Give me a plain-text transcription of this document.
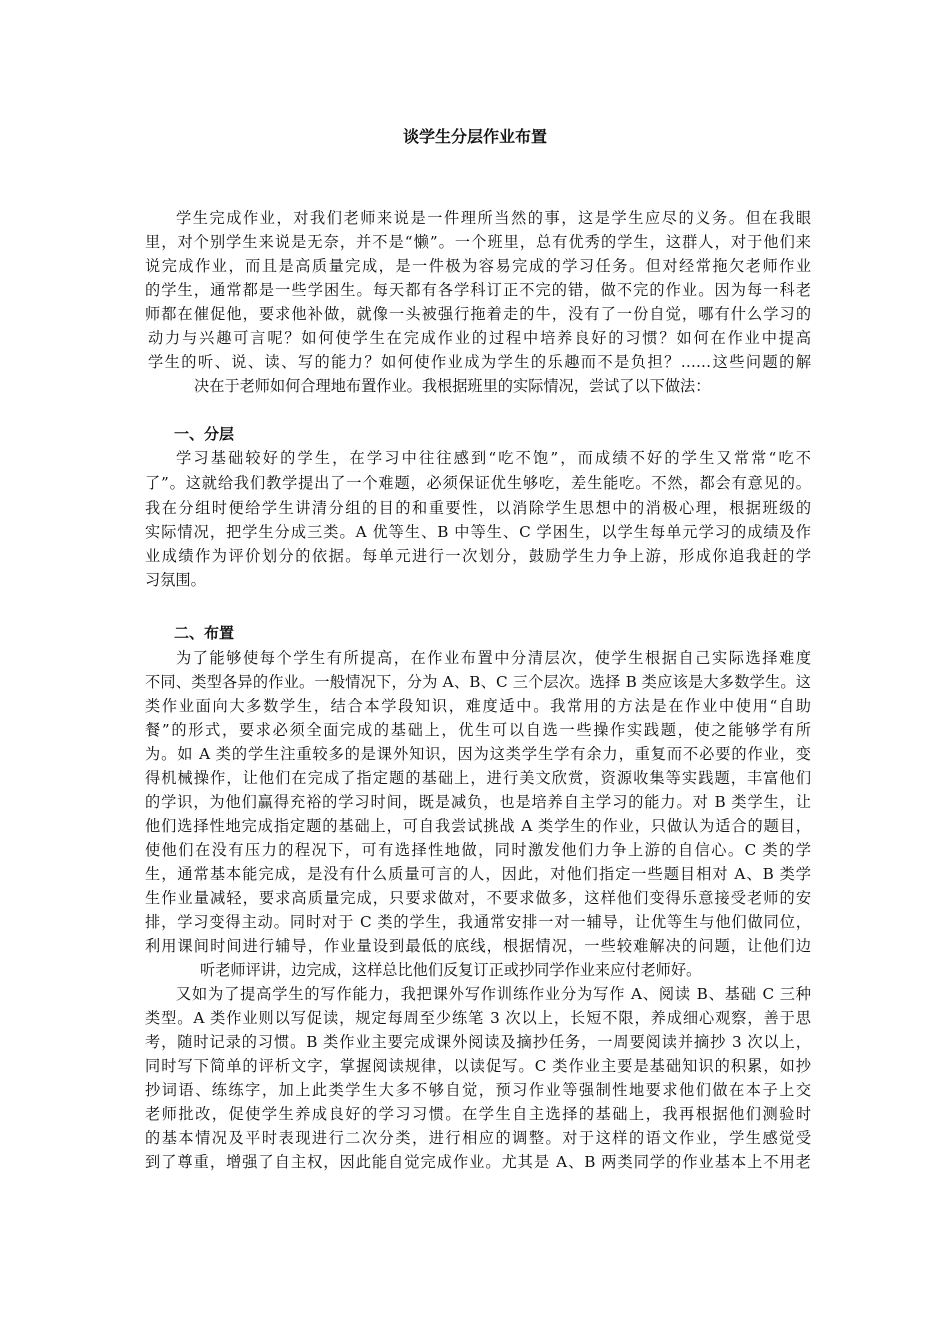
谈学生分层作业布置
学生完成作业，对我们老师来说是一件理所当然的事，这是学生应尽的义务。但在我眼
里，对个别学生来说是无奈，并不是“懒”。一个班里，总有优秀的学生，这群人，对于他们来
说完成作业，而且是高质量完成，是一件极为容易完成的学习任务。但对经常拖欠老师作业
的学生，通常都是一些学困生。每天都有各学科订正不完的错，做不完的作业。因为每一科老
师都在催促他，要求他补做，就像一头被强行拖着走的牛，没有了一份自觉，哪有什么学习的
动力与兴趣可言呢？如何使学生在完成作业的过程中培养良好的习惯？如何在作业中提高
学生的听、说、读、写的能力？如何使作业成为学生的乐趣而不是负担？……这些问题的解
决在于老师如何合理地布置作业。我根据班里的实际情况，尝试了以下做法：
一、分层
学习基础较好的学生，在学习中往往感到“吃不饱”，而成绩不好的学生又常常“吃不
了”。这就给我们教学提出了一个难题，必须保证优生够吃，差生能吃。不然，都会有意见的。
我在分组时便给学生讲清分组的目的和重要性，以消除学生思想中的消极心理，根据班级的
实际情况，把学生分成三类。A 优等生、B 中等生、C 学困生，以学生每单元学习的成绩及作
业成绩作为评价划分的依据。每单元进行一次划分，鼓励学生力争上游，形成你追我赶的学
习氛围。
二、布置
为了能够使每个学生有所提高，在作业布置中分清层次，使学生根据自己实际选择难度
不同、类型各异的作业。一般情况下，分为 A、B、C 三个层次。选择 B 类应该是大多数学生。这
类作业面向大多数学生，结合本学段知识，难度适中。我常用的方法是在作业中使用“自助
餐”的形式，要求必须全面完成的基础上，优生可以自选一些操作实践题，使之能够学有所
为。如 A 类的学生注重较多的是课外知识，因为这类学生学有余力，重复而不必要的作业，变
得机械操作，让他们在完成了指定题的基础上，进行美文欣赏，资源收集等实践题，丰富他们
的学识，为他们赢得充裕的学习时间，既是减负，也是培养自主学习的能力。对 B 类学生，让
他们选择性地完成指定题的基础上，可自我尝试挑战 A 类学生的作业，只做认为适合的题目，
使他们在没有压力的程况下，可有选择性地做，同时激发他们力争上游的自信心。C 类的学
生，通常基本能完成，是没有什么质量可言的人，因此，对他们指定一些题目相对 A、B 类学
生作业量减轻，要求高质量完成，只要求做对，不要求做多，这样他们变得乐意接受老师的安
排，学习变得主动。同时对于 C 类的学生，我通常安排一对一辅导，让优等生与他们做同位，
利用课间时间进行辅导，作业量设到最低的底线，根据情况，一些较难解决的问题，让他们边
听老师评讲，边完成，这样总比他们反复订正或抄同学作业来应付老师好。
又如为了提高学生的写作能力，我把课外写作训练作业分为写作 A、阅读 B、基础 C 三种
类型。A 类作业则以写促读，规定每周至少练笔 3 次以上，长短不限，养成细心观察，善于思
考，随时记录的习惯。B 类作业主要完成课外阅读及摘抄任务，一周要阅读并摘抄 3 次以上，
同时写下简单的评析文字，掌握阅读规律，以读促写。C 类作业主要是基础知识的积累，如抄
抄词语、练练字，加上此类学生大多不够自觉，预习作业等强制性地要求他们做在本子上交
老师批改，促使学生养成良好的学习习惯。在学生自主选择的基础上，我再根据他们测验时
的基本情况及平时表现进行二次分类，进行相应的调整。对于这样的语文作业，学生感觉受
到了尊重，增强了自主权，因此能自觉完成作业。尤其是 A、B 两类同学的作业基本上不用老
